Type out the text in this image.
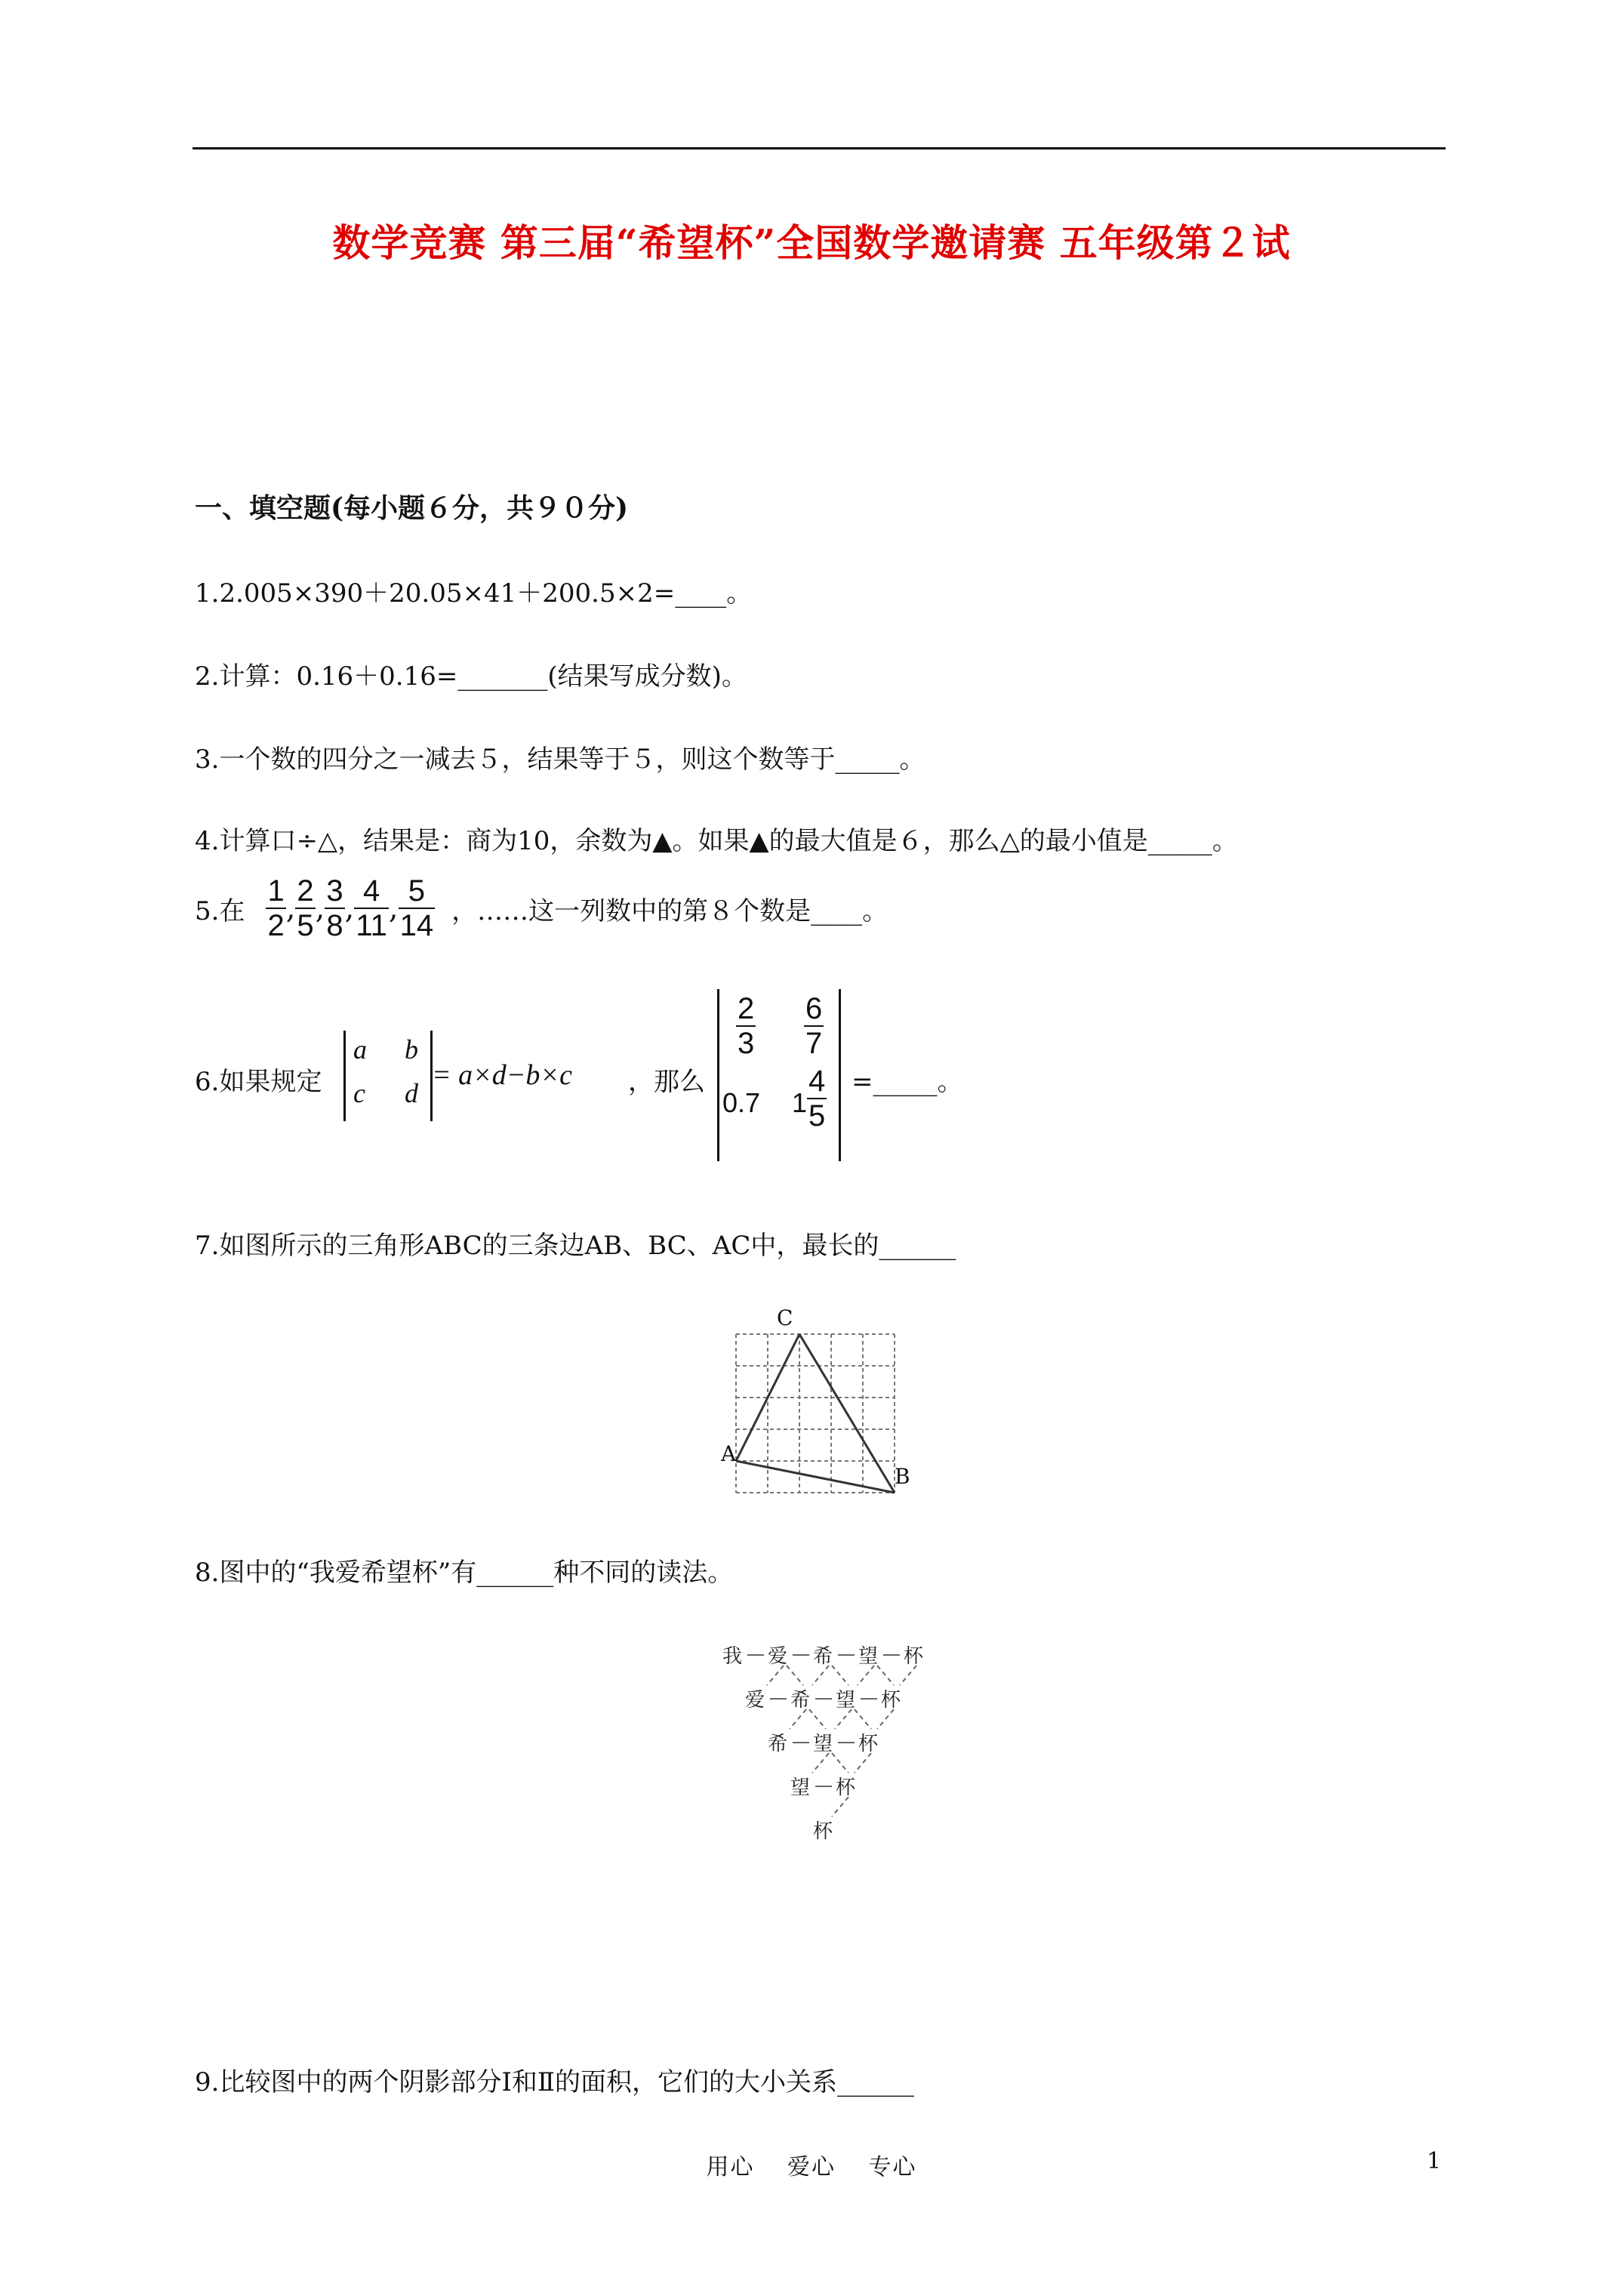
数学竞赛 第三届“希望杯”全国数学邀请赛 五年级第２试
一、填空题(每小题６分，共９０分)
1.2.005×390＋20.05×41＋200.5×2=____。
2.计算：0.16＋0.16=_______(结果写成分数)。
3.一个数的四分之一减去５，结果等于５，则这个数等于_____。
4.计算口÷△，结果是：商为10，余数为▲。如果▲的最大值是６，那么△的最小值是_____。
5.在 $\frac{1}{2}$ , $\frac{2}{5}$ , $\frac{3}{8}$ , $\frac{4}{11}$ , $\frac{5}{14}$ ，……这一列数中的第８个数是____。
6.如果规定
a b
c d
= a×d−b×c ，那么
$\frac{2}{3} \frac{6}{7}$
0.7 $1 \frac{4}{5}$ =_____。
7.如图所示的三角形ABC的三条边AB、BC、AC中，最长的______
C
A
B
8.图中的“我爱希望杯”有______种不同的读法。
我 爱 希 望 杯
爱 希 望 杯
希 望 杯
望 杯
杯
9.比较图中的两个阴影部分Ⅰ和Ⅱ的面积，它们的大小关系______
用心　 爱心　 专心	1
